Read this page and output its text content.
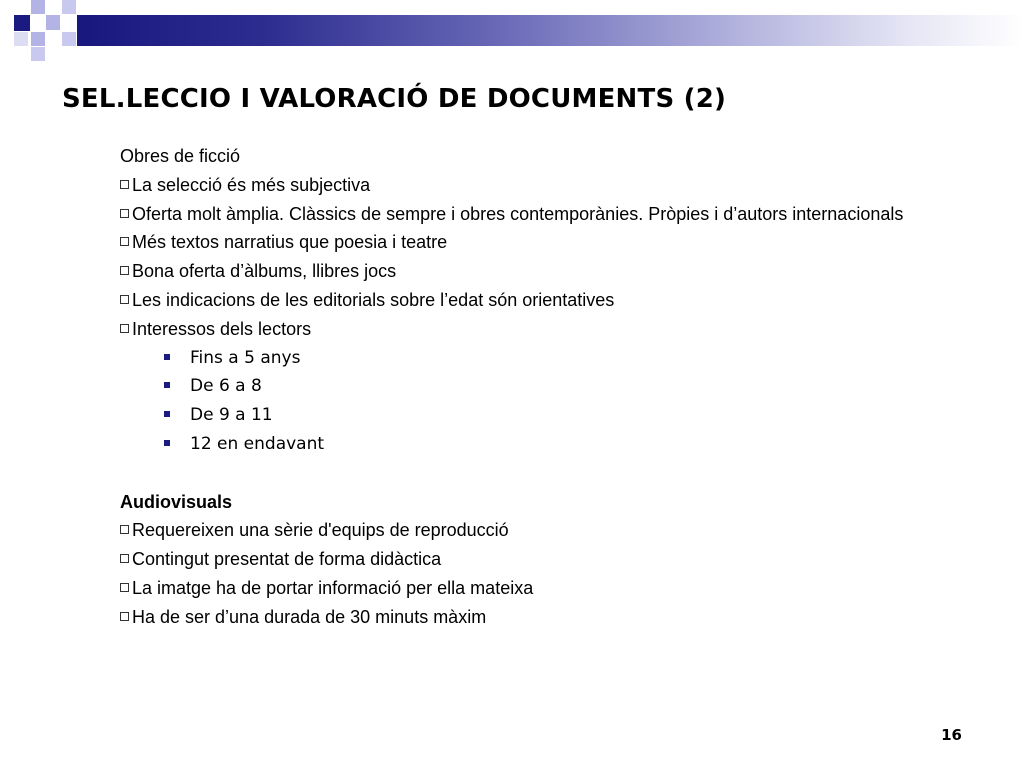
SEL.LECCIO I VALORACIÓ DE DOCUMENTS (2)
Obres de ficció
La selecció és més subjectiva
Oferta molt àmplia. Clàssics de sempre i obres contemporànies. Pròpies i d’autors internacionals
Més textos narratius que poesia i teatre
Bona oferta d’àlbums, llibres jocs
Les indicacions de les editorials sobre l’edat són orientatives
Interessos dels lectors
Fins a 5 anys
De 6 a 8
De 9 a 11
12 en endavant
Audiovisuals
Requereixen una sèrie d'equips de reproducció
Contingut presentat de forma didàctica
La imatge ha de portar informació per ella mateixa
Ha de ser d’una durada de 30 minuts màxim
16
